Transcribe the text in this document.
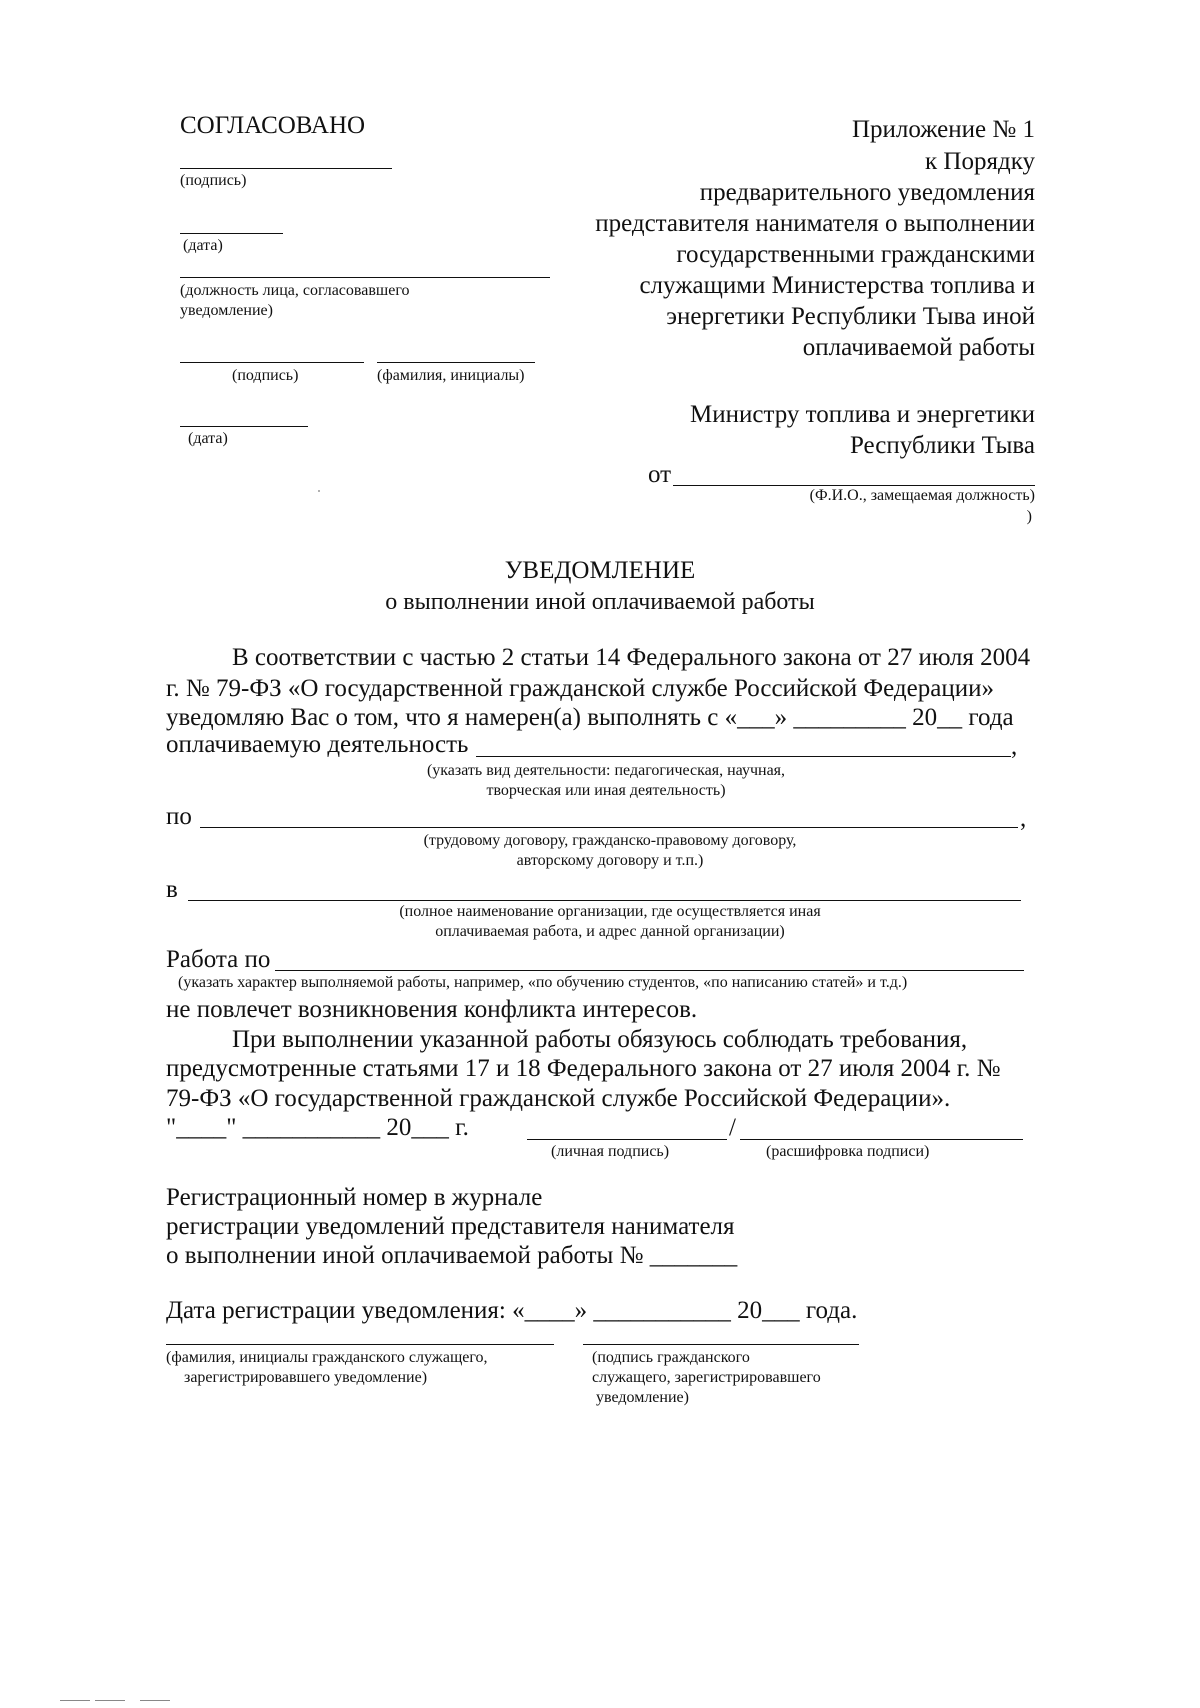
СОГЛАСОВАНО
(подпись)
(дата)
(должность лица, согласовавшего
уведомление)
(подпись)	(фамилия, инициалы)
(дата)
Приложение № 1
к Порядку
предварительного уведомления
представителя нанимателя о выполнении
государственными гражданскими
служащими Министерства топлива и
энергетики Республики Тыва иной
оплачиваемой работы
Министру топлива и энергетики
Республики Тыва
от
(Ф.И.О., замещаемая должность)
)
УВЕДОМЛЕНИЕ
о выполнении иной оплачиваемой работы
В соответствии с частью 2 статьи 14 Федерального закона от 27 июля 2004
г. № 79-ФЗ «О государственной гражданской службе Российской Федерации»
уведомляю Вас о том, что я намерен(а) выполнять с «___» _________ 20__ года
оплачиваемую деятельность	,
(указать вид деятельности: педагогическая, научная,
творческая или иная деятельность)
по	,
(трудовому договору, гражданско-правовому договору,
авторскому договору и т.п.)
в
(полное наименование организации, где осуществляется иная
оплачиваемая работа, и адрес данной организации)
Работа по
(указать характер выполняемой работы, например, «по обучению студентов, «по написанию статей» и т.д.)
не повлечет возникновения конфликта интересов.
При выполнении указанной работы обязуюсь соблюдать требования,
предусмотренные статьями 17 и 18 Федерального закона от 27 июля 2004 г. №
79-ФЗ «О государственной гражданской службе Российской Федерации».
"____" ___________ 20___ г.	/
(личная подпись)	(расшифровка подписи)
Регистрационный номер в журнале
регистрации уведомлений представителя нанимателя
о выполнении иной оплачиваемой работы № _______
Дата регистрации уведомления: «____» ___________ 20___ года.
(фамилия, инициалы гражданского служащего,
зарегистрировавшего уведомление)
(подпись гражданского
служащего, зарегистрировавшего
уведомление)
